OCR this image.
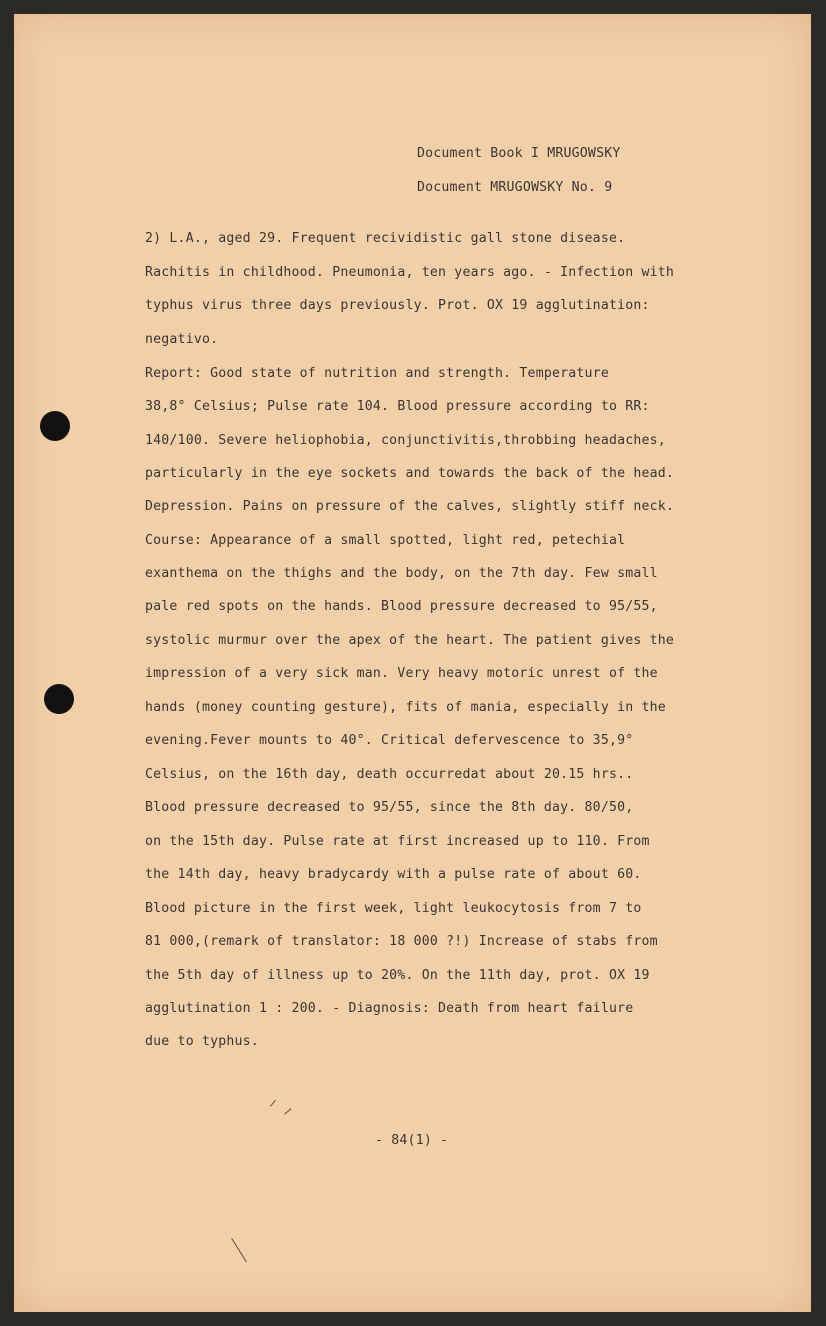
Document Book I MRUGOWSKY
Document MRUGOWSKY No. 9
2) L.A., aged 29. Frequent recividistic gall stone disease.
Rachitis in childhood. Pneumonia, ten years ago. - Infection with
typhus virus three days previously. Prot. OX 19 agglutination:
negativo.
Report: Good state of nutrition and strength. Temperature
38,8° Celsius; Pulse rate 104. Blood pressure according to RR:
140/100. Severe heliophobia, conjunctivitis,throbbing headaches,
particularly in the eye sockets and towards the back of the head.
Depression. Pains on pressure of the calves, slightly stiff neck.
Course: Appearance of a small spotted, light red, petechial
exanthema on the thighs and the body, on the 7th day. Few small
pale red spots on the hands. Blood pressure decreased to 95/55,
systolic murmur over the apex of the heart. The patient gives the
impression of a very sick man. Very heavy motoric unrest of the
hands (money counting gesture), fits of mania, especially in the
evening.Fever mounts to 40°. Critical defervescence to 35,9°
Celsius, on the 16th day, death occurredat about 20.15 hrs..
Blood pressure decreased to 95/55, since the 8th day. 80/50,
on the 15th day. Pulse rate at first increased up to 110. From
the 14th day, heavy bradycardy with a pulse rate of about 60.
Blood picture in the first week, light leukocytosis from 7 to
81 000,(remark of translator: 18 000 ?!) Increase of stabs from
the 5th day of illness up to 20%. On the 11th day, prot. OX 19
agglutination 1 : 200. - Diagnosis: Death from heart failure
due to typhus.
- 84(1) -
